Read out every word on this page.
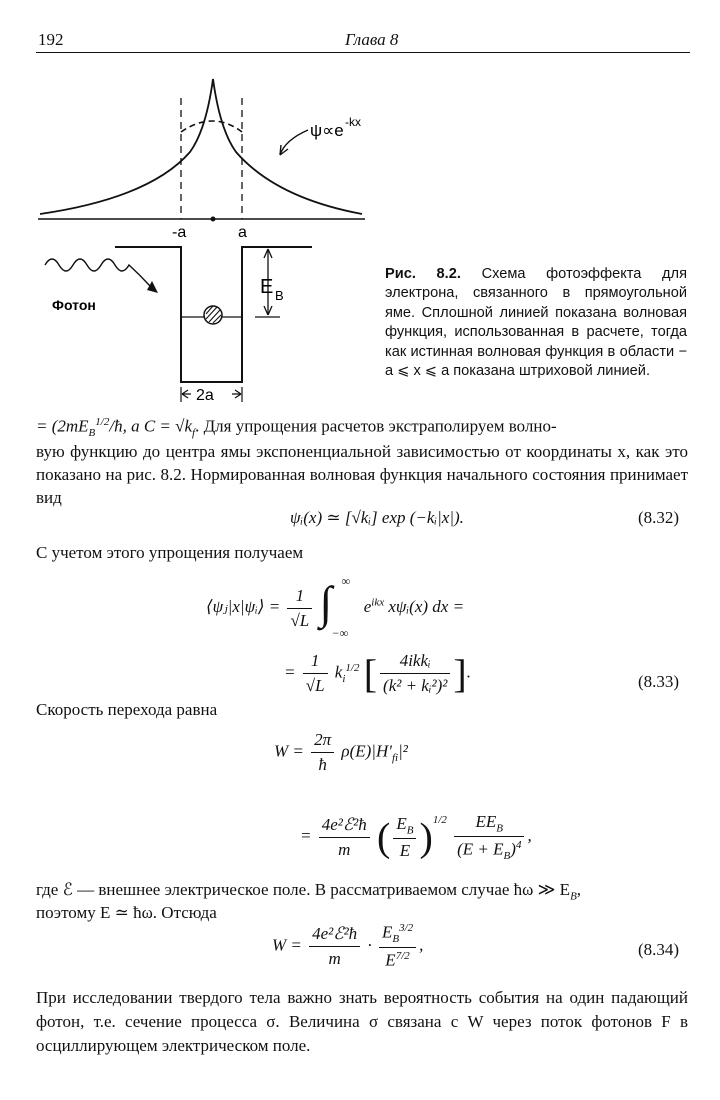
192	Глава 8
ψ∝e -kx
-a	a
E B
Фотон
2a
Рис. 8.2. Схема фотоэффекта для электрона, связанного в прямоугольной яме. Сплошной линией показана волновая функция, использованная в расчете, тогда как истинная волновая функция в области − a ⩽ x ⩽ a показана штриховой линией.
= ($2mE_B^{1/2}/ħ$, a $C = √k_f$. Для упрощения расчетов экстраполируем волно-
вую функцию до центра ямы экспоненциальной зависимостью от координаты x, как это показано на рис. 8.2. Нормированная волновая функция начального состояния принимает вид
ψᵢ(x) ≃ [√kᵢ] exp (−kᵢ|x|).	(8.32)
С учетом этого упрощения получаем
⟨ψⱼ|x|ψᵢ⟩ = $\frac{1}{√L}$
∫ ∞
−∞
$e^{ikx}$ xψᵢ(x) dx =
= $\frac{1}{√L} k_i^{1/2}$ [ $\frac{\text{4ikkᵢ}}{\text{(k² + kᵢ²)²}}$ ].
(8.33)
Скорость перехода равна
$W = \frac{2\pi}{ħ} \rho(E)|H'_{fi}|^2$
= $\frac{\text{4e²ℰ²ħ}}{m}$ ( $\frac{E_B}{E} )^{1/2} \frac{EE_B}{(E + E_B)^4}$ ,
где ℰ — внешнее электрическое поле. В рассматриваемом случае ħω ≫ $E_B$,
поэтому E ≃ ħω. Отсюда
$W = \frac{\text{4e²ℰ²ħ}}{m} \cdot \frac{E_B^{3/2}}{E^{7/2}}$ ,	(8.34)
При исследовании твердого тела важно знать вероятность события на один падающий фотон, т.е. сечение процесса σ. Величина σ связана с W через поток фотонов F в осциллирующем электрическом поле.
